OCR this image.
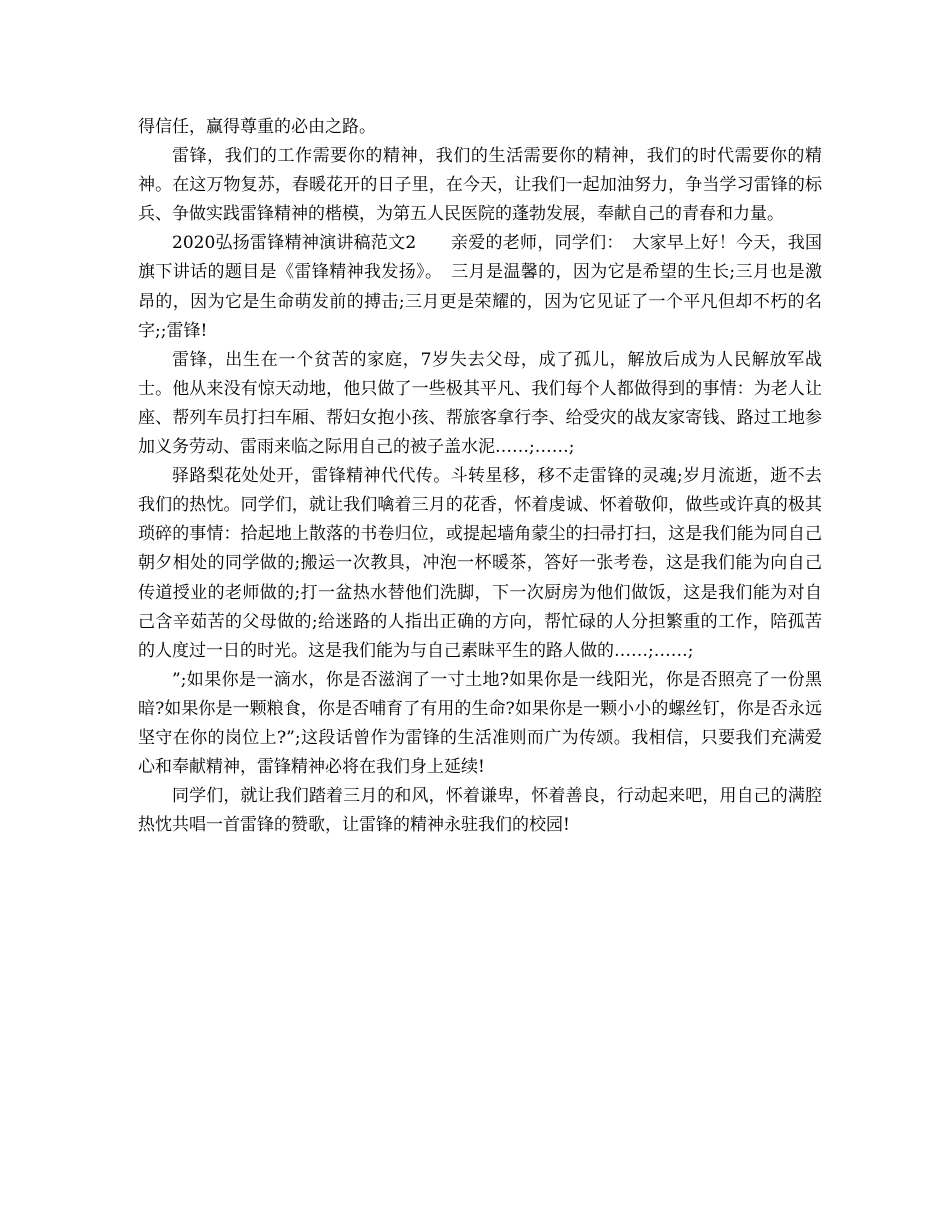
得信任，赢得尊重的必由之路。

雷锋，我们的工作需要你的精神，我们的生活需要你的精神，我们的时代需要你的精神。在这万物复苏，春暖花开的日子里，在今天，让我们一起加油努力，争当学习雷锋的标兵、争做实践雷锋精神的楷模，为第五人民医院的蓬勃发展，奉献自己的青春和力量。

2020弘扬雷锋精神演讲稿范文2　　亲爱的老师，同学们：　大家早上好！今天，我国旗下讲话的题目是《雷锋精神我发扬》。　三月是温馨的，因为它是希望的生长;三月也是激昂的，因为它是生命萌发前的搏击;三月更是荣耀的，因为它见证了一个平凡但却不朽的名字;;雷锋!

雷锋，出生在一个贫苦的家庭，7岁失去父母，成了孤儿，解放后成为人民解放军战士。他从来没有惊天动地，他只做了一些极其平凡、我们每个人都做得到的事情：为老人让座、帮列车员打扫车厢、帮妇女抱小孩、帮旅客拿行李、给受灾的战友家寄钱、路过工地参加义务劳动、雷雨来临之际用自己的被子盖水泥……;……;

驿路梨花处处开，雷锋精神代代传。斗转星移，移不走雷锋的灵魂;岁月流逝，逝不去我们的热忱。同学们，就让我们噙着三月的花香，怀着虔诚、怀着敬仰，做些或许真的极其琐碎的事情：拾起地上散落的书卷归位，或提起墙角蒙尘的扫帚打扫，这是我们能为同自己朝夕相处的同学做的;搬运一次教具，冲泡一杯暖茶，答好一张考卷，这是我们能为向自己传道授业的老师做的;打一盆热水替他们洗脚，下一次厨房为他们做饭，这是我们能为对自己含辛茹苦的父母做的;给迷路的人指出正确的方向，帮忙碌的人分担繁重的工作，陪孤苦的人度过一日的时光。这是我们能为与自己素昧平生的路人做的……;……;

”;如果你是一滴水，你是否滋润了一寸土地?如果你是一线阳光，你是否照亮了一份黑暗?如果你是一颗粮食，你是否哺育了有用的生命?如果你是一颗小小的螺丝钉，你是否永远坚守在你的岗位上?”;这段话曾作为雷锋的生活准则而广为传颂。我相信，只要我们充满爱心和奉献精神，雷锋精神必将在我们身上延续!

同学们，就让我们踏着三月的和风，怀着谦卑，怀着善良，行动起来吧，用自己的满腔热忱共唱一首雷锋的赞歌，让雷锋的精神永驻我们的校园!
